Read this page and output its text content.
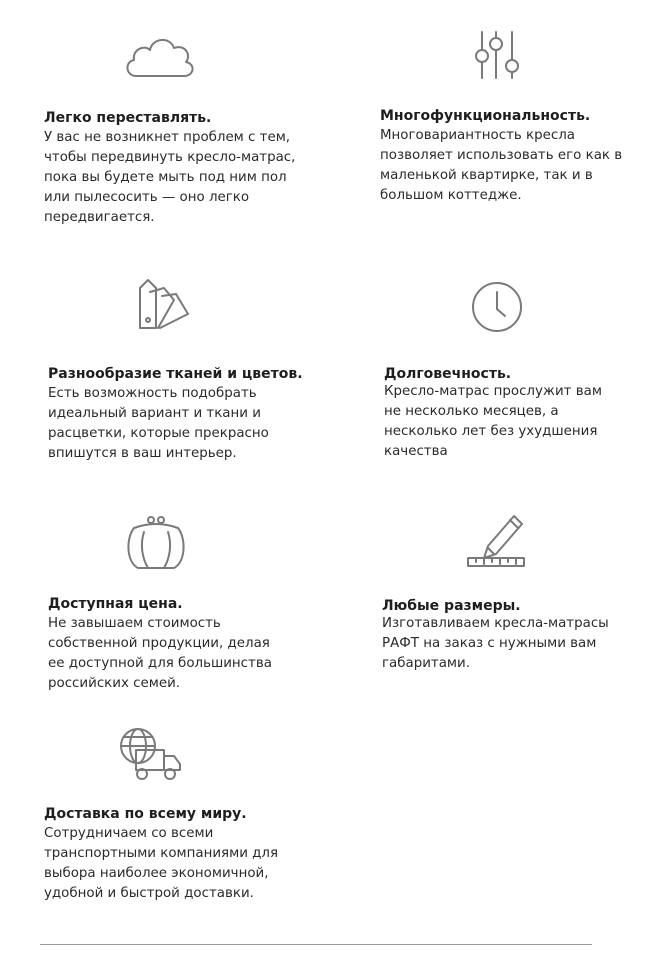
Легко переставлять.

У вас не возникнет проблем с тем,
чтобы передвинуть кресло-матрас,
пока вы будете мыть под ним пол
или пылесосить — оно легко
передвигается.

Многофункциональность.

Многовариантность кресла
позволяет использовать его как в
маленькой квартирке, так и в
большом коттедже.

Разнообразие тканей и цветов.

Есть возможность подобрать
идеальный вариант и ткани и
расцветки, которые прекрасно
впишутся в ваш интерьер.

Долговечность.

Кресло-матрас прослужит вам
не несколько месяцев, а
несколько лет без ухудшения
качества

Доступная цена.

Не завышаем стоимость
собственной продукции, делая
ее доступной для большинства
российских семей.

Любые размеры.

Изготавливаем кресла-матрасы
РАФТ на заказ с нужными вам
габаритами.

Доставка по всему миру.

Сотрудничаем со всеми
транспортными компаниями для
выбора наиболее экономичной,
удобной и быстрой доставки.
